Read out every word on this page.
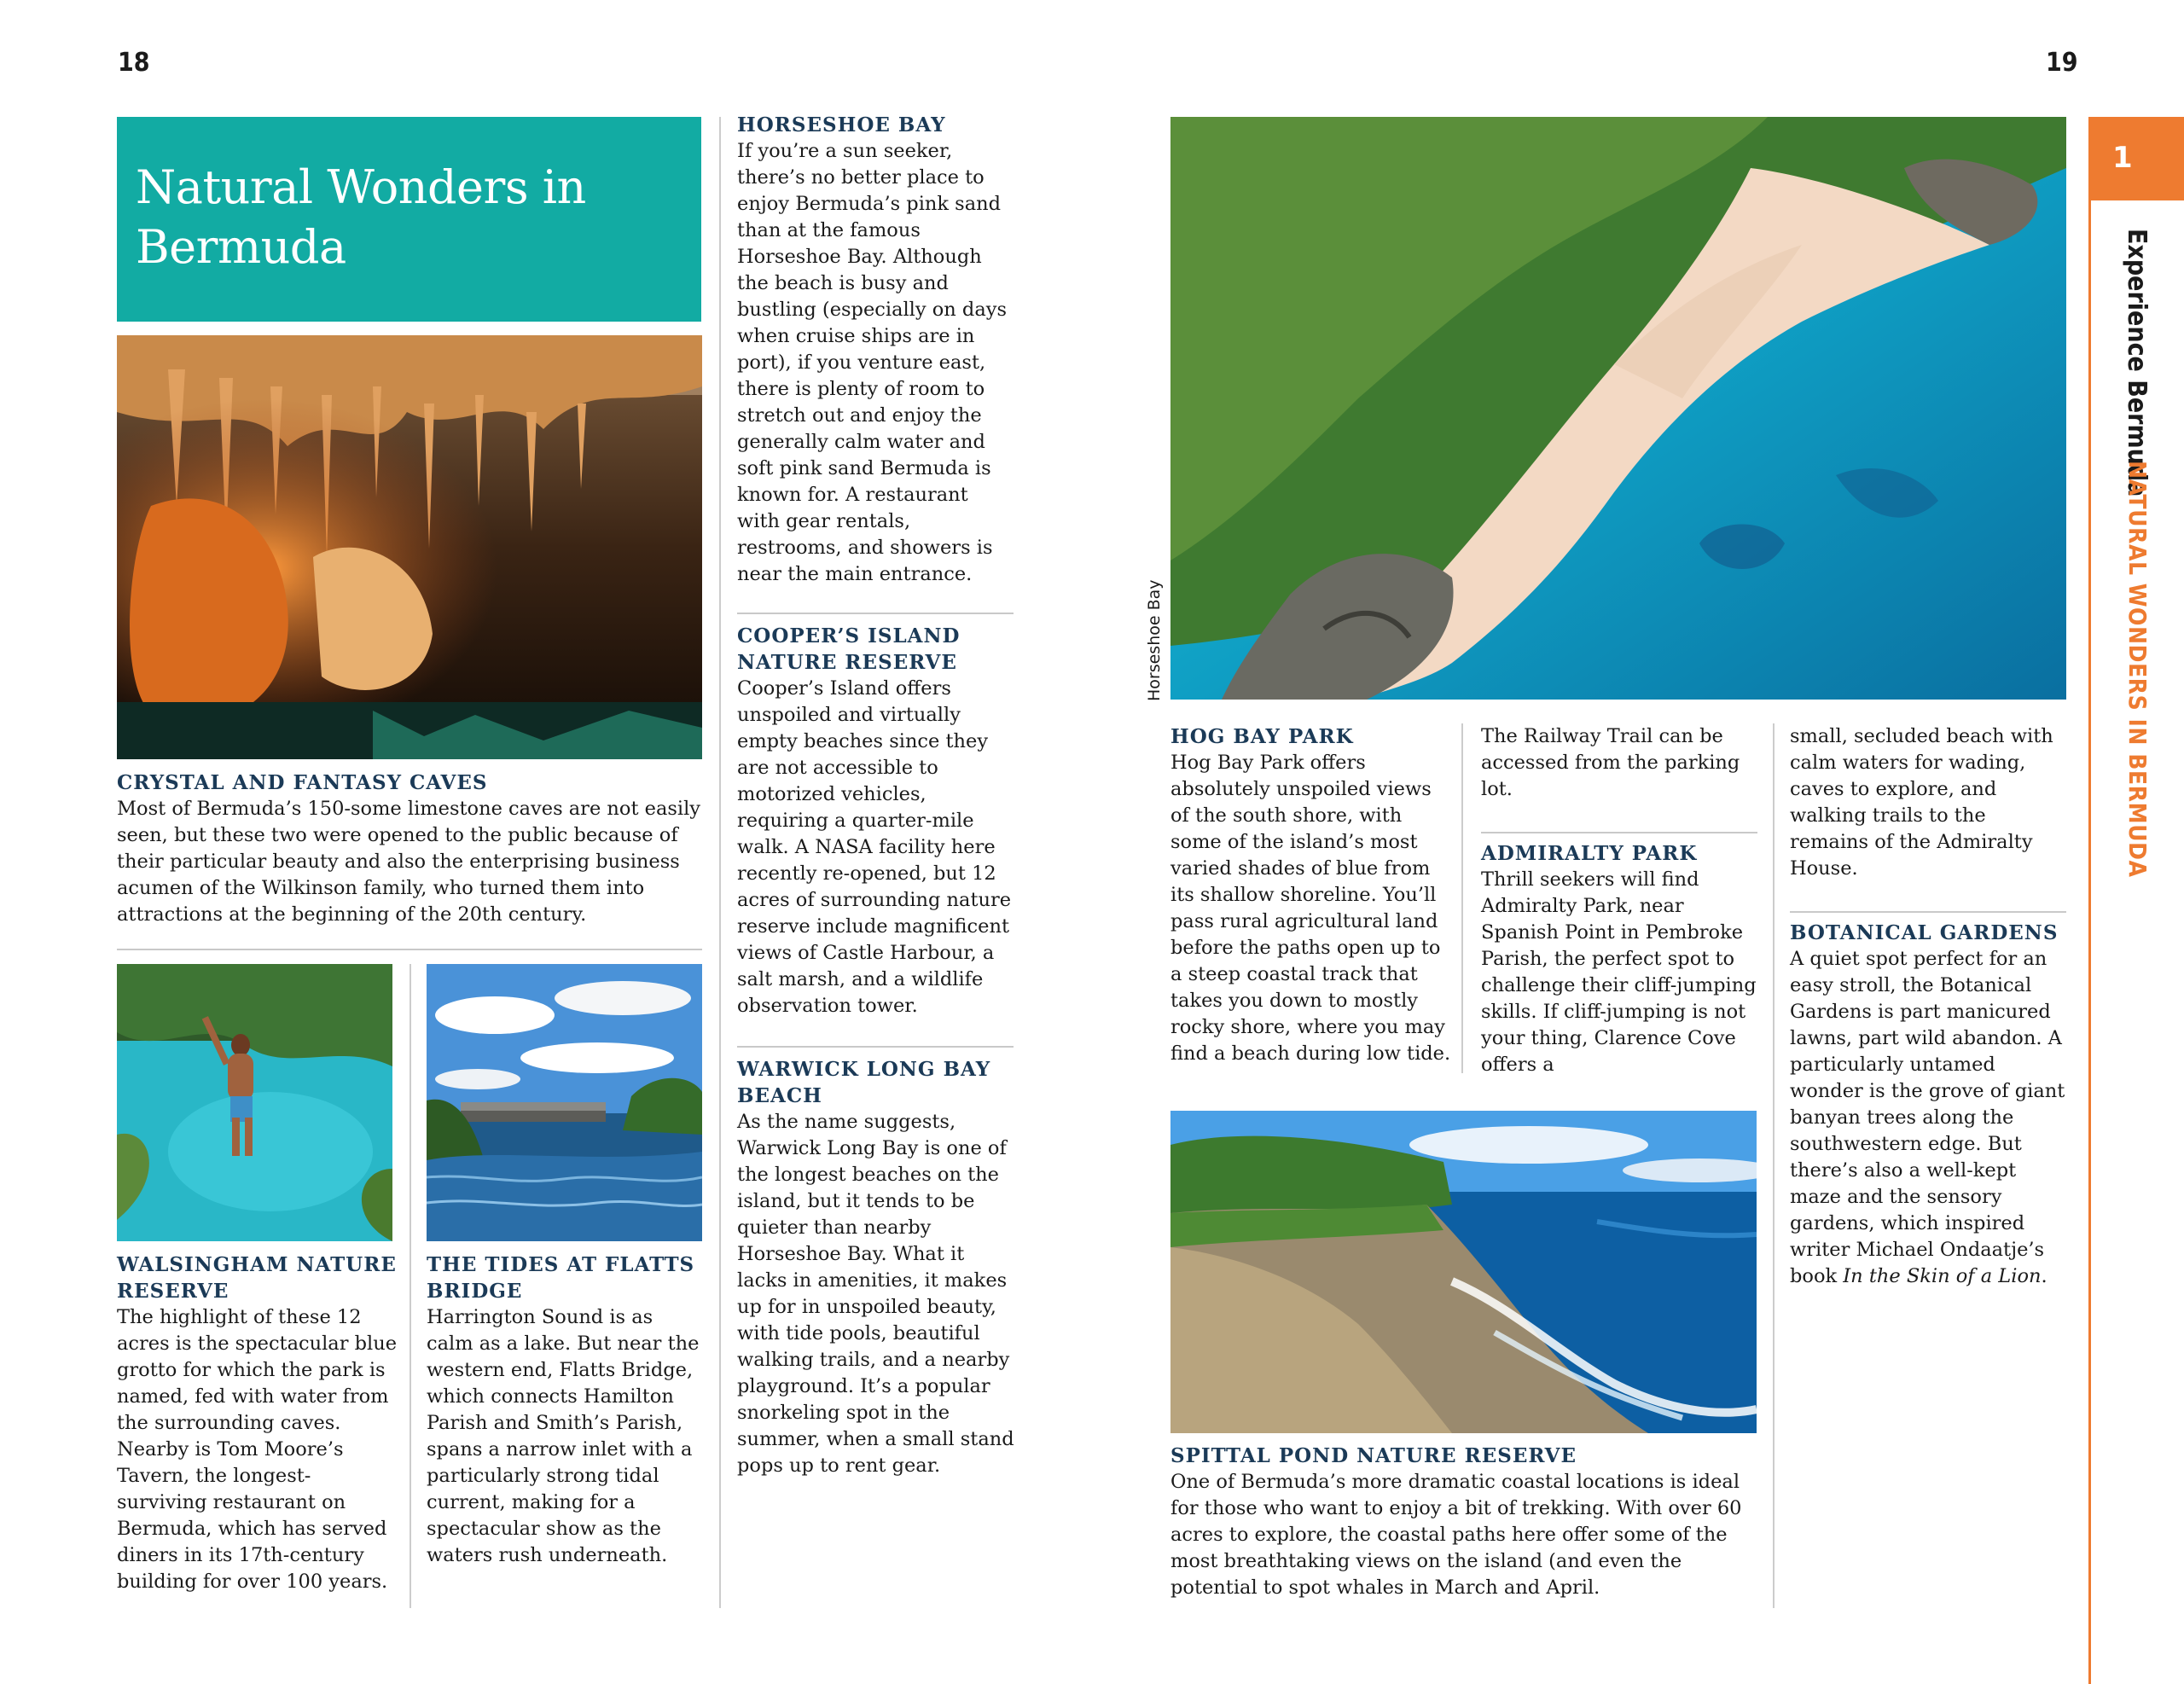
18	19
Natural Wonders in Bermuda
CRYSTAL AND FANTASY CAVES

Most of Bermuda’s 150-some limestone caves are not easily seen, but these two were opened to the public because of their particular beauty and also the enterprising business acumen of the Wilkinson family, who turned them into attractions at the beginning of the 20th century.

WALSINGHAM NATURE RESERVE

The highlight of these 12 acres is the spectacular blue grotto for which the park is named, fed with water from the surrounding caves. Nearby is Tom Moore’s Tavern, the longest-surviving restaurant on Bermuda, which has served diners in its 17th-century building for over 100 years.

THE TIDES AT FLATTS BRIDGE

Harrington Sound is as calm as a lake. But near the western end, Flatts Bridge, which connects Hamilton Parish and Smith’s Parish, spans a narrow inlet with a particularly strong tidal current, making for a spectacular show as the waters rush underneath.

HORSESHOE BAY

If you’re a sun seeker, there’s no better place to enjoy Bermuda’s pink sand than at the famous Horseshoe Bay. Although the beach is busy and bustling (especially on days when cruise ships are in port), if you venture east, there is plenty of room to stretch out and enjoy the generally calm water and soft pink sand Bermuda is known for. A restaurant with gear rentals, restrooms, and showers is near the main entrance.

COOPER’S ISLAND NATURE RESERVE

Cooper’s Island offers unspoiled and virtually empty beaches since they are not accessible to motorized vehicles, requiring a quarter-mile walk. A NASA facility here recently re-opened, but 12 acres of surrounding nature reserve include magnificent views of Castle Harbour, a salt marsh, and a wildlife observation tower.

WARWICK LONG BAY BEACH

As the name suggests, Warwick Long Bay is one of the longest beaches on the island, but it tends to be quieter than nearby Horseshoe Bay. What it lacks in amenities, it makes up for in unspoiled beauty, with tide pools, beautiful walking trails, and a nearby playground. It’s a popular snorkeling spot in the summer, when a small stand pops up to rent gear.

Horseshoe Bay
HOG BAY PARK

Hog Bay Park offers absolutely unspoiled views of the south shore, with some of the island’s most varied shades of blue from its shallow shoreline. You’ll pass rural agricultural land before the paths open up to a steep coastal track that takes you down to mostly rocky shore, where you may find a beach during low tide.

The Railway Trail can be accessed from the parking lot.

ADMIRALTY PARK

Thrill seekers will find Admiralty Park, near Spanish Point in Pembroke Parish, the perfect spot to challenge their cliff-jumping skills. If cliff-jumping is not your thing, Clarence Cove offers a

small, secluded beach with calm waters for wading, caves to explore, and walking trails to the remains of the Admiralty House.

BOTANICAL GARDENS

A quiet spot perfect for an easy stroll, the Botanical Gardens is part manicured lawns, part wild abandon. A particularly untamed wonder is the grove of giant banyan trees along the southwestern edge. But there’s also a well-kept maze and the sensory gardens, which inspired writer Michael Ondaatje’s book In the Skin of a Lion.

SPITTAL POND NATURE RESERVE

One of Bermuda’s more dramatic coastal locations is ideal for those who want to enjoy a bit of trekking. With over 60 acres to explore, the coastal paths here offer some of the most breathtaking views on the island (and even the potential to spot whales in March and April.

1
Experience Bermuda
NATURAL WONDERS IN BERMUDA
